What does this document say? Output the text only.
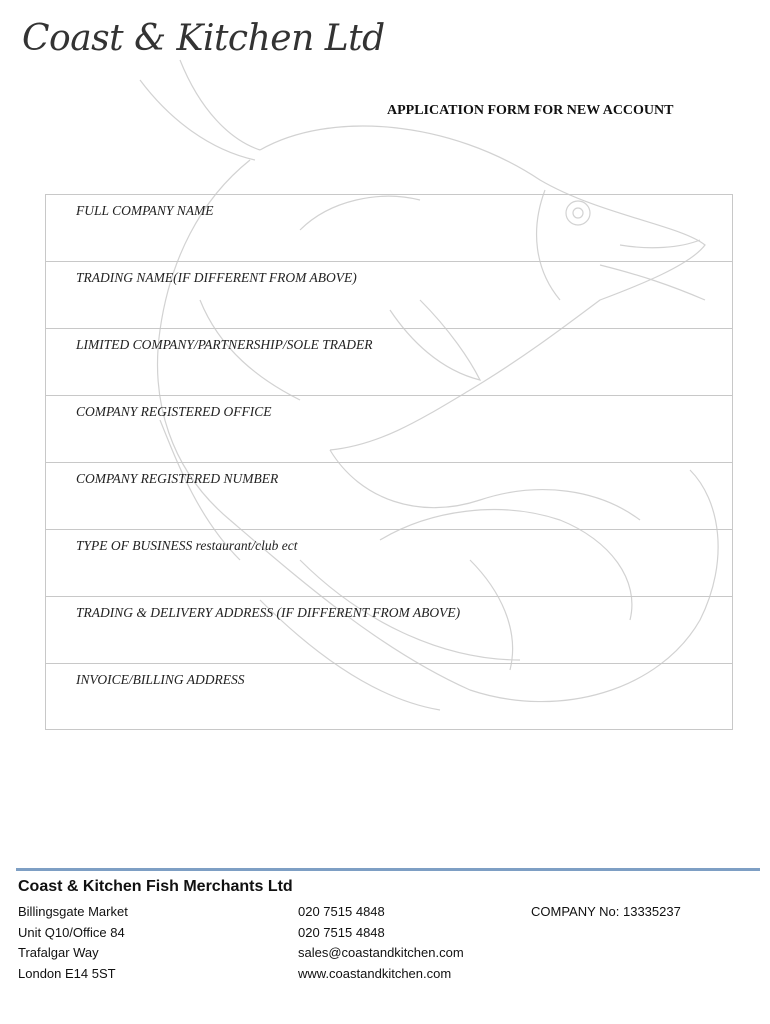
Coast & Kitchen Ltd
APPLICATION FORM FOR NEW ACCOUNT
FULL COMPANY NAME
TRADING NAME(IF DIFFERENT FROM ABOVE)
LIMITED COMPANY/PARTNERSHIP/SOLE TRADER
COMPANY REGISTERED OFFICE
COMPANY REGISTERED NUMBER
TYPE OF BUSINESS restaurant/club ect
TRADING & DELIVERY ADDRESS (IF DIFFERENT FROM ABOVE)
INVOICE/BILLING ADDRESS
Coast & Kitchen Fish Merchants Ltd
Billingsgate Market
Unit Q10/Office 84
Trafalgar Way
London E14 5ST
020 7515 4848
020 7515 4848
sales@coastandkitchen.com
www.coastandkitchen.com
COMPANY No: 13335237
